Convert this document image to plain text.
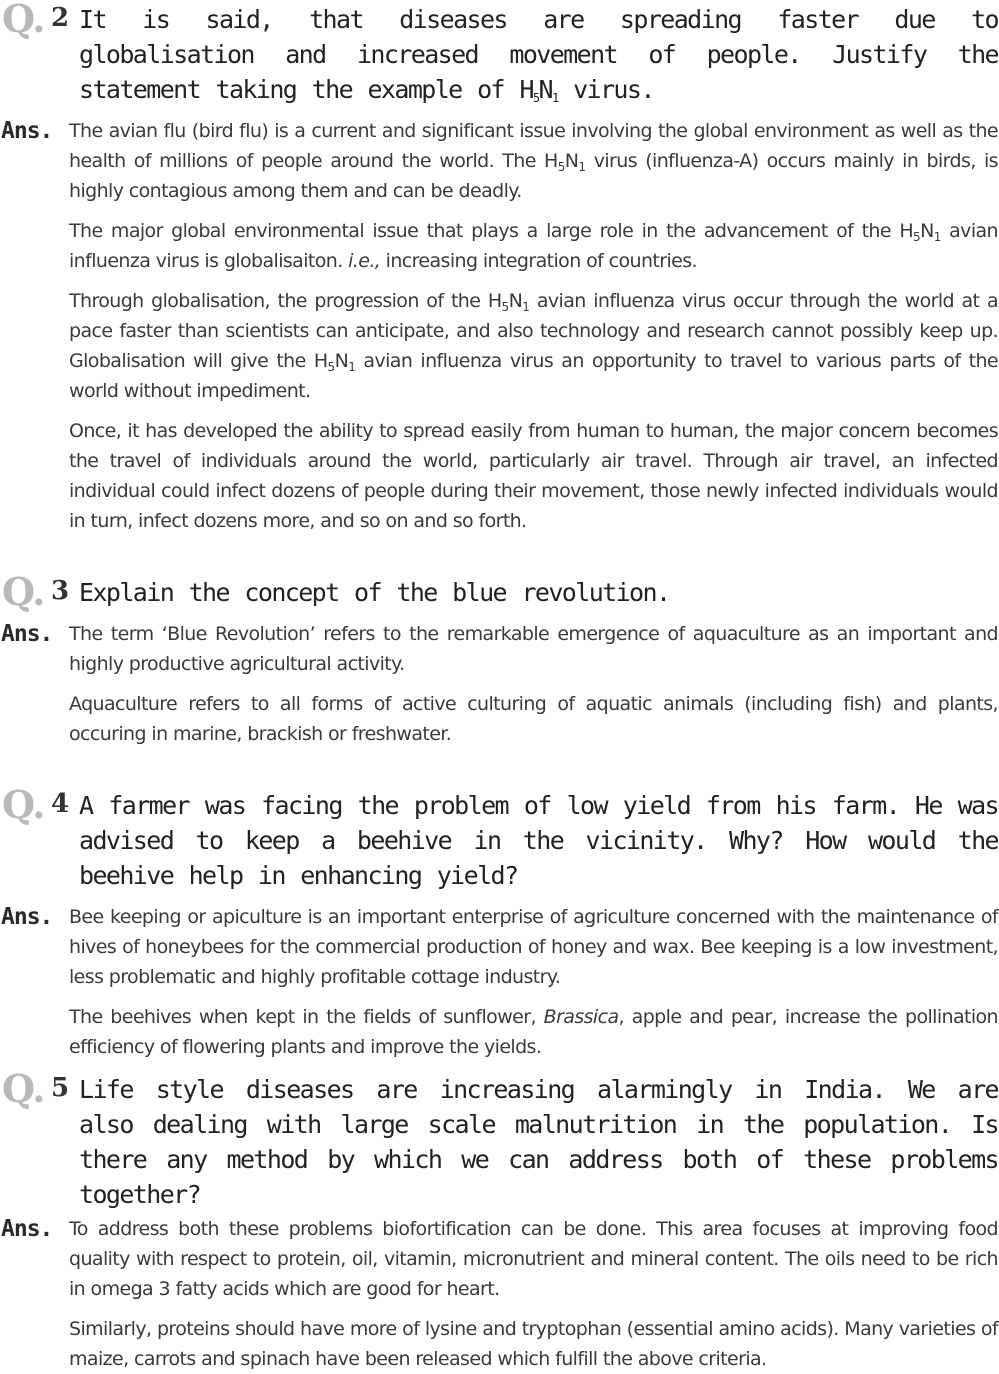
Q. 2 It is said, that diseases are spreading faster due to globalisation and increased movement of people. Justify the statement taking the example of $H_5N_1$ virus.
Ans. The avian flu (bird flu) is a current and significant issue involving the global environment as well as the health of millions of people around the world. The $H_5N_1$ virus (influenza-A) occurs mainly in birds, is highly contagious among them and can be deadly.

The major global environmental issue that plays a large role in the advancement of the $H_5N_1$ avian influenza virus is globalisaiton. i.e., increasing integration of countries.

Through globalisation, the progression of the $H_5N_1$ avian influenza virus occur through the world at a pace faster than scientists can anticipate, and also technology and research cannot possibly keep up. Globalisation will give the $H_5N_1$ avian influenza virus an opportunity to travel to various parts of the world without impediment.

Once, it has developed the ability to spread easily from human to human, the major concern becomes the travel of individuals around the world, particularly air travel. Through air travel, an infected individual could infect dozens of people during their movement, those newly infected individuals would in turn, infect dozens more, and so on and so forth.

Q. 3 Explain the concept of the blue revolution.
Ans. The term ‘Blue Revolution’ refers to the remarkable emergence of aquaculture as an important and highly productive agricultural activity.

Aquaculture refers to all forms of active culturing of aquatic animals (including fish) and plants, occuring in marine, brackish or freshwater.

Q. 4 A farmer was facing the problem of low yield from his farm. He was advised to keep a beehive in the vicinity. Why? How would the beehive help in enhancing yield?
Ans. Bee keeping or apiculture is an important enterprise of agriculture concerned with the maintenance of hives of honeybees for the commercial production of honey and wax. Bee keeping is a low investment, less problematic and highly profitable cottage industry.

The beehives when kept in the fields of sunflower, Brassica, apple and pear, increase the pollination efficiency of flowering plants and improve the yields.

Q. 5 Life style diseases are increasing alarmingly in India. We are also dealing with large scale malnutrition in the population. Is there any method by which we can address both of these problems together?
Ans. To address both these problems biofortification can be done. This area focuses at improving food quality with respect to protein, oil, vitamin, micronutrient and mineral content. The oils need to be rich in omega 3 fatty acids which are good for heart.

Similarly, proteins should have more of lysine and tryptophan (essential amino acids). Many varieties of maize, carrots and spinach have been released which fulfill the above criteria.
